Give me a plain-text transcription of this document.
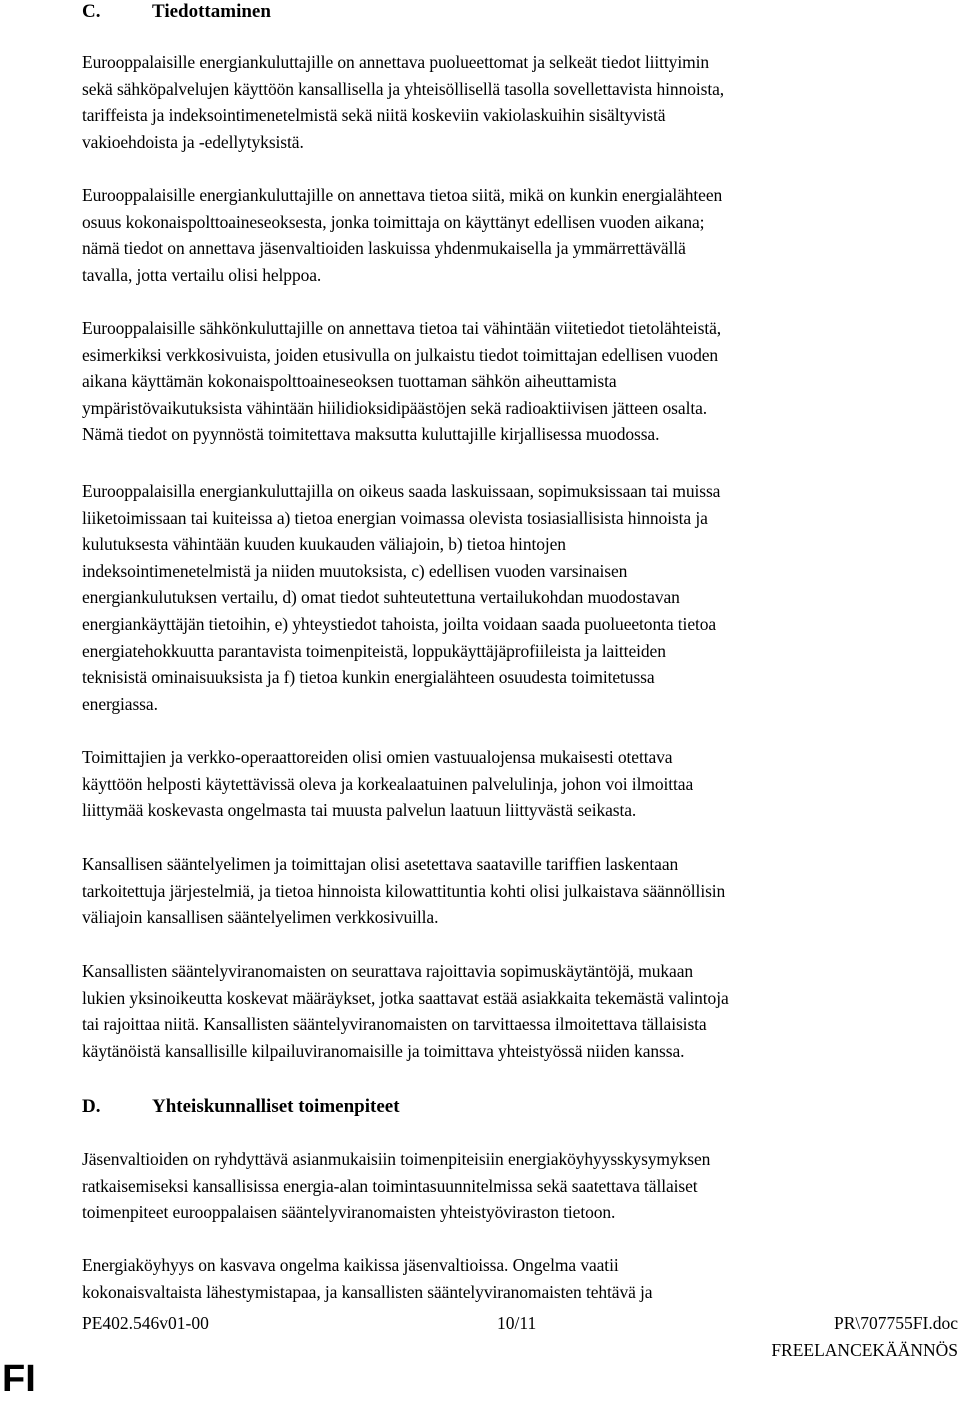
C.	Tiedottaminen
Eurooppalaisille energiankuluttajille on annettava puolueettomat ja selkeät tiedot liittyimin
sekä sähköpalvelujen käyttöön kansallisella ja yhteisöllisellä tasolla sovellettavista hinnoista,
tariffeista ja indeksointimenetelmistä sekä niitä koskeviin vakiolaskuihin sisältyvistä
vakioehdoista ja -edellytyksistä.
Eurooppalaisille energiankuluttajille on annettava tietoa siitä, mikä on kunkin energialähteen
osuus kokonaispolttoaineseoksesta, jonka toimittaja on käyttänyt edellisen vuoden aikana;
nämä tiedot on annettava jäsenvaltioiden laskuissa yhdenmukaisella ja ymmärrettävällä
tavalla, jotta vertailu olisi helppoa.
Eurooppalaisille sähkönkuluttajille on annettava tietoa tai vähintään viitetiedot tietolähteistä,
esimerkiksi verkkosivuista, joiden etusivulla on julkaistu tiedot toimittajan edellisen vuoden
aikana käyttämän kokonaispolttoaineseoksen tuottaman sähkön aiheuttamista
ympäristövaikutuksista vähintään hiilidioksidipäästöjen sekä radioaktiivisen jätteen osalta.
Nämä tiedot on pyynnöstä toimitettava maksutta kuluttajille kirjallisessa muodossa.
Eurooppalaisilla energiankuluttajilla on oikeus saada laskuissaan, sopimuksissaan tai muissa
liiketoimissaan tai kuiteissa a) tietoa energian voimassa olevista tosiasiallisista hinnoista ja
kulutuksesta vähintään kuuden kuukauden väliajoin, b) tietoa hintojen
indeksointimenetelmistä ja niiden muutoksista, c) edellisen vuoden varsinaisen
energiankulutuksen vertailu, d) omat tiedot suhteutettuna vertailukohdan muodostavan
energiankäyttäjän tietoihin, e) yhteystiedot tahoista, joilta voidaan saada puolueetonta tietoa
energiatehokkuutta parantavista toimenpiteistä, loppukäyttäjäprofiileista ja laitteiden
teknisistä ominaisuuksista ja f) tietoa kunkin energialähteen osuudesta toimitetussa
energiassa.
Toimittajien ja verkko-operaattoreiden olisi omien vastuualojensa mukaisesti otettava
käyttöön helposti käytettävissä oleva ja korkealaatuinen palvelulinja, johon voi ilmoittaa
liittymää koskevasta ongelmasta tai muusta palvelun laatuun liittyvästä seikasta.
Kansallisen sääntelyelimen ja toimittajan olisi asetettava saataville tariffien laskentaan
tarkoitettuja järjestelmiä, ja tietoa hinnoista kilowattituntia kohti olisi julkaistava säännöllisin
väliajoin kansallisen sääntelyelimen verkkosivuilla.
Kansallisten sääntelyviranomaisten on seurattava rajoittavia sopimuskäytäntöjä, mukaan
lukien yksinoikeutta koskevat määräykset, jotka saattavat estää asiakkaita tekemästä valintoja
tai rajoittaa niitä. Kansallisten sääntelyviranomaisten on tarvittaessa ilmoitettava tällaisista
käytänöistä kansallisille kilpailuviranomaisille ja toimittava yhteistyössä niiden kanssa.
D.	Yhteiskunnalliset toimenpiteet
Jäsenvaltioiden on ryhdyttävä asianmukaisiin toimenpiteisiin energiaköyhyysskysymyksen
ratkaisemiseksi kansallisissa energia-alan toimintasuunnitelmissa sekä saatettava tällaiset
toimenpiteet eurooppalaisen sääntelyviranomaisten yhteistyöviraston tietoon.
Energiaköyhyys on kasvava ongelma kaikissa jäsenvaltioissa. Ongelma vaatii
kokonaisvaltaista lähestymistapaa, ja kansallisten sääntelyviranomaisten tehtävä ja
PE402.546v01-00	10/11	PR\707755FI.doc
FREELANCEKÄÄNNÖS
FI
